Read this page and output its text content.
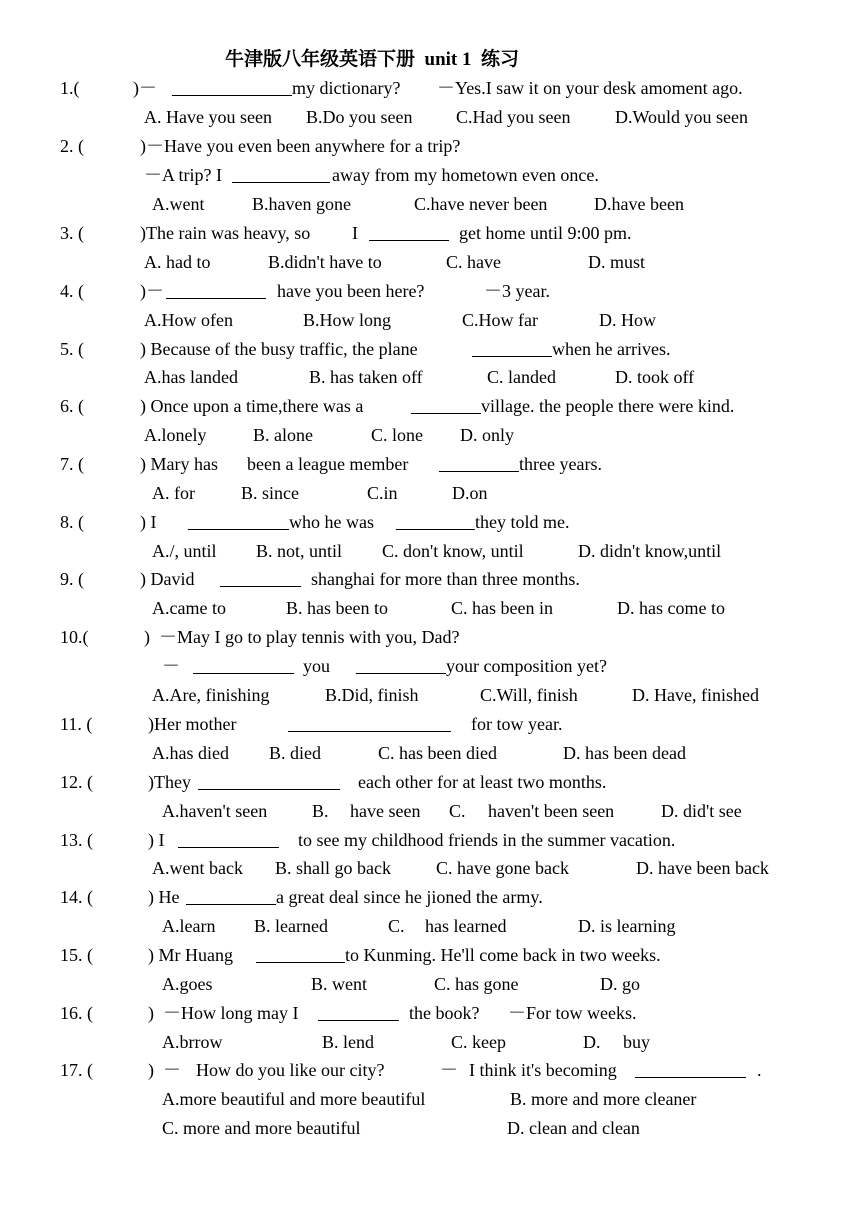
牛津版八年级英语下册  unit 1  练习
1.(	)－	my dictionary? －Yes.I saw it on your desk amoment ago.
A. Have you seen B.Do you seen C.Had you seen D.Would you seen
2. (	)－Have you even been anywhere for a trip?
－A trip? I	away from my hometown even once.
A.went	B.haven gone	C.have never been	D.have been
3. (	)The rain was heavy, so I	get home until 9:00 pm.
A. had to	B.didn't have to	C. have	D. must
4. (	)－	have you been here?	－3 year.
A.How ofen	B.How long	C.How far	D. How
5. (	) Because of the busy traffic, the plane	when he arrives.
A.has landed	B. has taken off	C. landed	D. took off
6. (	) Once upon a time,there was a	village. the people there were kind.
A.lonely	B. alone	C. lone D. only
7. (	) Mary has been a league member	three years.
A. for	B. since	C.in	D.on
8. (	) I	who he was	they told me.
A./, until B. not, until C. don't know, until	D. didn't know,until
9. (	) David	shanghai for more than three months.
A.came to	B. has been to	C. has been in	D. has come to
10.(	)  －May I go to play tennis with you, Dad?
－	you	your composition yet?
A.Are, finishing	B.Did, finish	C.Will, finish	D. Have, finished
11. (	)Her mother	for tow year.
A.has died B. died	C. has been died	D. has been dead
12. (	)They	each other for at least two months.
A.haven't seen B. have seen C. haven't been seen	D. did't see
13. (	) I	to see my childhood friends in the summer vacation.
A.went back B. shall go back	C. have gone back	D. have been back
14. (	) He	a great deal since he jioned the army.
A.learn B. learned	C. has learned	D. is learning
15. (	) Mr Huang	to Kunming. He'll come back in two weeks.
A.goes	B. went	C. has gone	D. go
16. (	)  －How long may I	the book? －For tow weeks.
A.brrow	B. lend	C. keep	D. buy
17. (	)  － How do you like our city?	－ I think it's becoming	.
A.more beautiful and more beautiful	B. more and more cleaner
C. more and more beautiful	D. clean and clean
